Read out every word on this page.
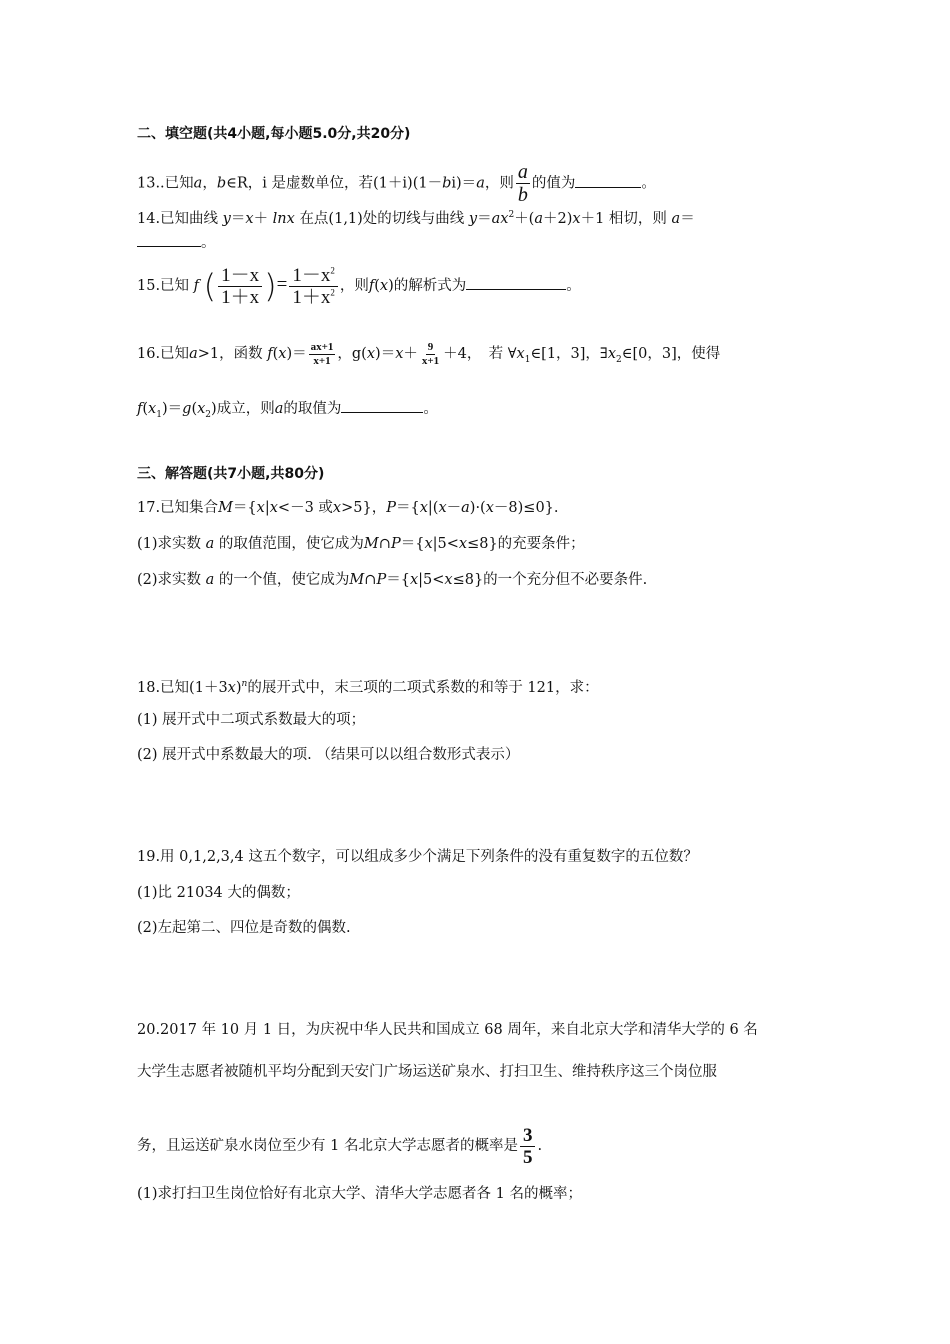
二、填空题(共4小题,每小题5.0分,共20分)
13..已知a，b∈R，i 是虚数单位，若(1＋i)(1－bi)＝a，则 $\frac{a}{b}$ 的值为	。
14.已知曲线 y＝x＋ lnx 在点(1,1)处的切线与曲线 $y=ax^2+(a+2)x+1$ 相切，则 a＝
。
15.已知 f ( $\frac{1-x}{1+x}$ )= $\frac{1-x^2}{1+x^2}$ ，则f(x)的解析式为	。
16.已知a>1，函数 $f(x)= \frac{ax+1}{x+1}$ ，$g(x)=x+ \frac{9}{x+1} +4$，　若 $\forall x_1\in[1$，3]，$\exists x_2\in[0$，3]，使得
$f(x_1)=g(x_2)$成立，则a的取值为	。
三、解答题(共7小题,共80分)
17.已知集合M＝{x|x<－3 或x>5}，P＝{x|(x－a)·(x－8)≤0}.
(1)求实数 a 的取值范围，使它成为M∩P＝{x|5<x≤8}的充要条件；
(2)求实数 a 的一个值，使它成为M∩P＝{x|5<x≤8}的一个充分但不必要条件.
18.已知$(1+3x)^n$的展开式中，末三项的二项式系数的和等于 121，求：
(1) 展开式中二项式系数最大的项；
(2) 展开式中系数最大的项. （结果可以以组合数形式表示）
19.用 0,1,2,3,4 这五个数字，可以组成多少个满足下列条件的没有重复数字的五位数？
(1)比 21034 大的偶数；
(2)左起第二、四位是奇数的偶数.
20.2017 年 10 月 1 日，为庆祝中华人民共和国成立 68 周年，来自北京大学和清华大学的 6 名
大学生志愿者被随机平均分配到天安门广场运送矿泉水、打扫卫生、维持秩序这三个岗位服
务，且运送矿泉水岗位至少有 1 名北京大学志愿者的概率是 $\frac{3}{5}$ .
(1)求打扫卫生岗位恰好有北京大学、清华大学志愿者各 1 名的概率；
